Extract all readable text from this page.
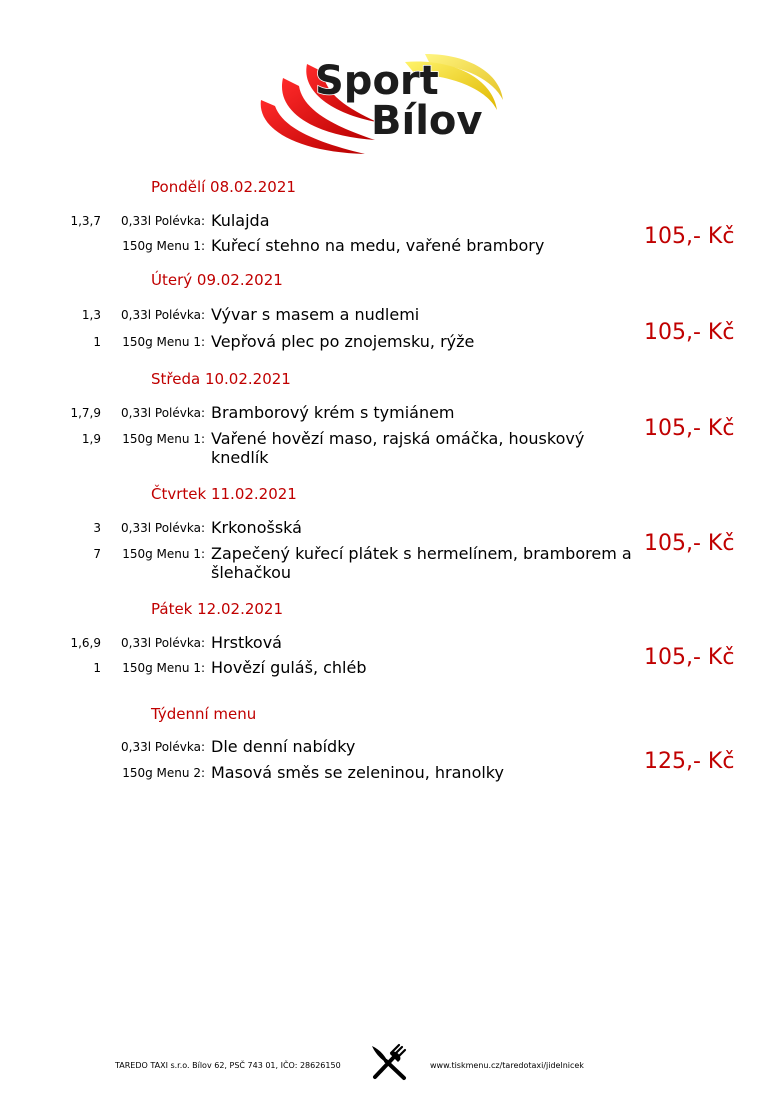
Sport
Bílov
Pondělí 08.02.2021
1,3,7 0,33l Polévka: Kulajda
150g Menu 1: Kuřecí stehno na medu, vařené brambory	105,- Kč
Úterý 09.02.2021
1,3 0,33l Polévka: Vývar s masem a nudlemi
1 150g Menu 1: Vepřová plec po znojemsku, rýže	105,- Kč
Středa 10.02.2021
1,7,9 0,33l Polévka: Bramborový krém s tymiánem
1,9 150g Menu 1: Vařené hovězí maso, rajská omáčka, houskový knedlík
105,- Kč
Čtvrtek 11.02.2021
3 0,33l Polévka: Krkonošská
7 150g Menu 1: Zapečený kuřecí plátek s hermelínem, bramborem a šlehačkou
105,- Kč
Pátek 12.02.2021
1,6,9 0,33l Polévka: Hrstková
1 150g Menu 1: Hovězí guláš, chléb	105,- Kč
Týdenní menu
0,33l Polévka: Dle denní nabídky
150g Menu 2: Masová směs se zeleninou, hranolky	125,- Kč
TAREDO TAXI s.r.o. Bílov 62, PSČ 743 01, IČO: 28626150	www.tiskmenu.cz/taredotaxi/jidelnicek
